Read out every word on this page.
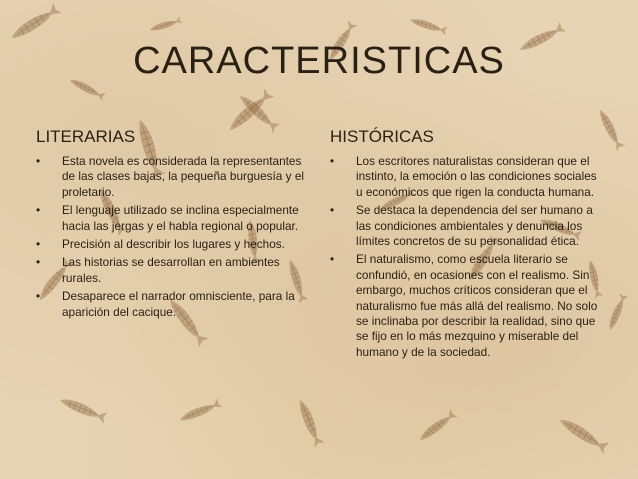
CARACTERISTICAS
LITERARIAS	HISTÓRICAS
•	Esta novela es considerada la representantes de las clases bajas, la pequeña burguesía y el proletario.
•	El lenguaje utilizado se inclina especialmente hacia las jergas y el habla regional o popular.
•	Precisión al describir los lugares y hechos.
•	Las historias se desarrollan en ambientes rurales.
•	Desaparece el narrador omnisciente, para la aparición del cacique.
•	Los escritores naturalistas consideran que el instinto, la emoción o las condiciones sociales u económicos que rigen la conducta humana.
•	Se destaca la dependencia del ser humano a las condiciones ambientales y denuncia los límites concretos de su personalidad ética.
•	El naturalismo, como escuela literario se confundió, en ocasiones con el realismo. Sin embargo, muchos críticos consideran que el naturalismo fue más allá del realismo. No solo se inclinaba por describir la realidad, sino que se fijo en lo más mezquino y miserable del humano y de la sociedad.
